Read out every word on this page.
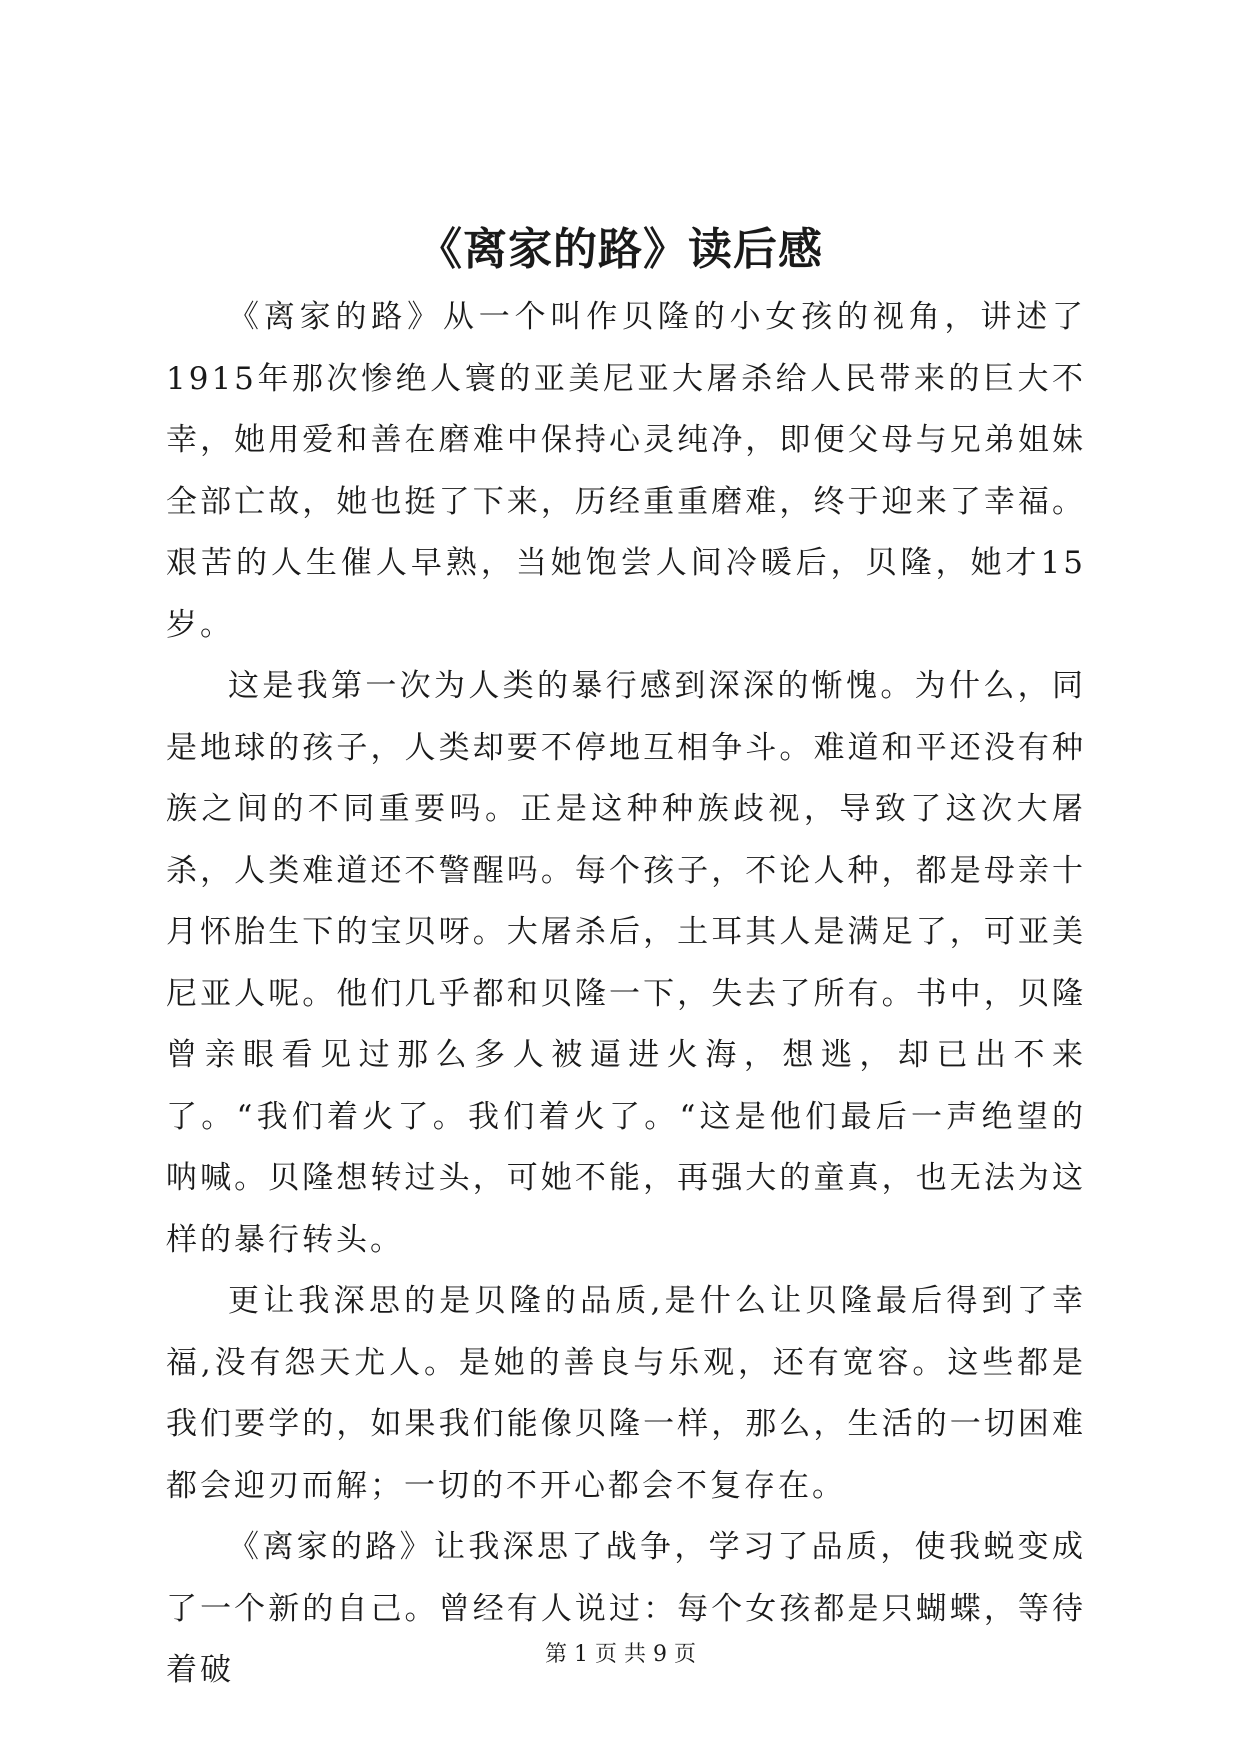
《离家的路》读后感

《离家的路》从一个叫作贝隆的小女孩的视角，讲述了1915年那次惨绝人寰的亚美尼亚大屠杀给人民带来的巨大不幸，她用爱和善在磨难中保持心灵纯净，即便父母与兄弟姐妹全部亡故，她也挺了下来，历经重重磨难，终于迎来了幸福。艰苦的人生催人早熟，当她饱尝人间冷暖后，贝隆，她才15岁。

这是我第一次为人类的暴行感到深深的惭愧。为什么，同是地球的孩子，人类却要不停地互相争斗。难道和平还没有种族之间的不同重要吗。正是这种种族歧视，导致了这次大屠杀，人类难道还不警醒吗。每个孩子，不论人种，都是母亲十月怀胎生下的宝贝呀。大屠杀后，土耳其人是满足了，可亚美尼亚人呢。他们几乎都和贝隆一下，失去了所有。书中，贝隆曾亲眼看见过那么多人被逼进火海，想逃，却已出不来了。“我们着火了。我们着火了。“这是他们最后一声绝望的呐喊。贝隆想转过头，可她不能，再强大的童真，也无法为这样的暴行转头。

更让我深思的是贝隆的品质,是什么让贝隆最后得到了幸福,没有怨天尤人。是她的善良与乐观，还有宽容。这些都是我们要学的，如果我们能像贝隆一样，那么，生活的一切困难都会迎刃而解；一切的不开心都会不复存在。

《离家的路》让我深思了战争，学习了品质，使我蜕变成了一个新的自己。曾经有人说过：每个女孩都是只蝴蝶，等待着破	第 1 页 共 9 页
